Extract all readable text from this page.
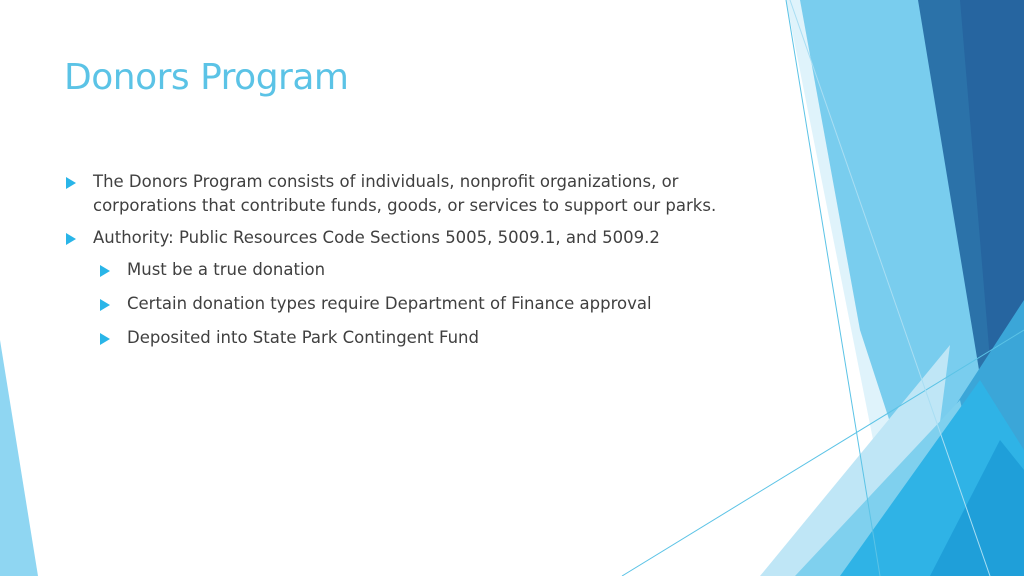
Donors Program
The Donors Program consists of individuals, nonprofit organizations, or corporations that contribute funds, goods, or services to support our parks.
Authority: Public Resources Code Sections 5005, 5009.1, and 5009.2
Must be a true donation
Certain donation types require Department of Finance approval
Deposited into State Park Contingent Fund
